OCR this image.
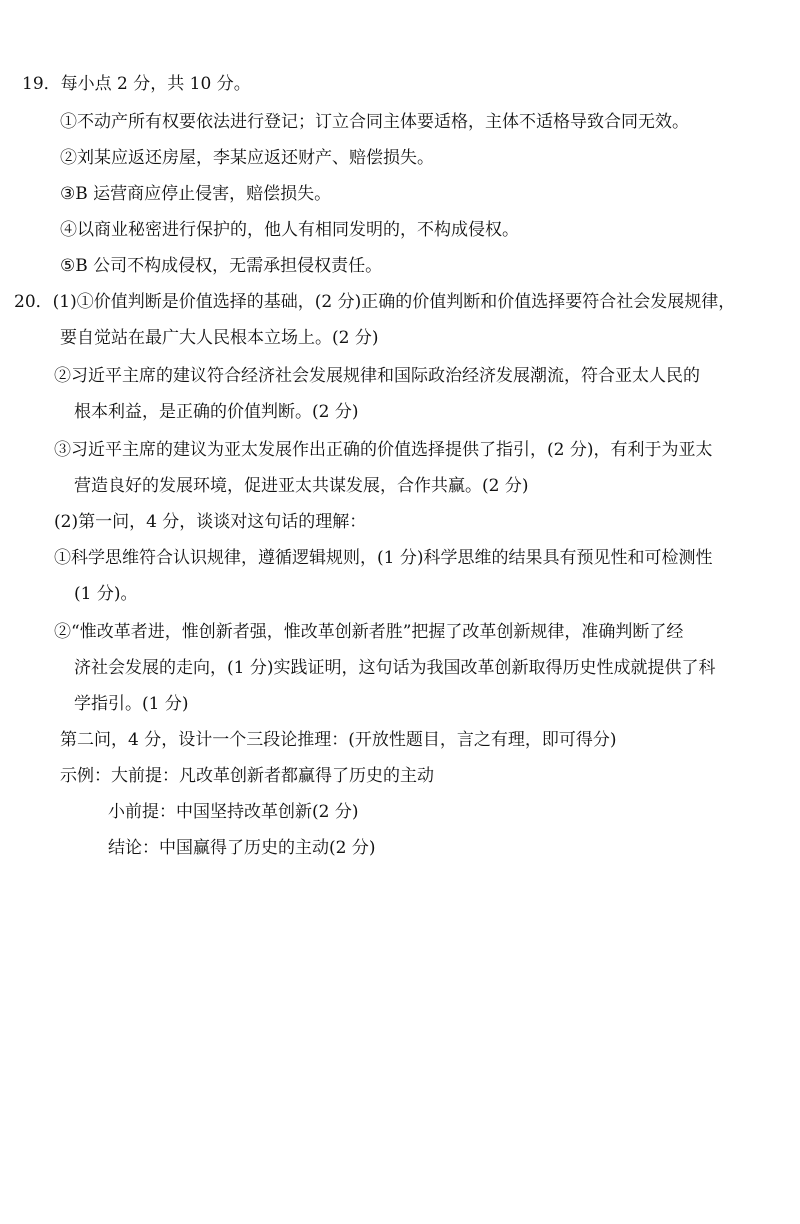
19．每小点 2 分，共 10 分。
①不动产所有权要依法进行登记；订立合同主体要适格，主体不适格导致合同无效。
②刘某应返还房屋，李某应返还财产、赔偿损失。
③B 运营商应停止侵害，赔偿损失。
④以商业秘密进行保护的，他人有相同发明的，不构成侵权。
⑤B 公司不构成侵权，无需承担侵权责任。
20．(1)①价值判断是价值选择的基础，(2 分)正确的价值判断和价值选择要符合社会发展规律，
要自觉站在最广大人民根本立场上。(2 分)
②习近平主席的建议符合经济社会发展规律和国际政治经济发展潮流，符合亚太人民的
根本利益，是正确的价值判断。(2 分)
③习近平主席的建议为亚太发展作出正确的价值选择提供了指引，(2 分)，有利于为亚太
营造良好的发展环境，促进亚太共谋发展，合作共赢。(2 分)
(2)第一问，4 分，谈谈对这句话的理解：
①科学思维符合认识规律，遵循逻辑规则，(1 分)科学思维的结果具有预见性和可检测性
(1 分)。
②“惟改革者进，惟创新者强，惟改革创新者胜”把握了改革创新规律，准确判断了经
济社会发展的走向，(1 分)实践证明，这句话为我国改革创新取得历史性成就提供了科
学指引。(1 分)
第二问，4 分，设计一个三段论推理：(开放性题目，言之有理，即可得分)
示例：大前提：凡改革创新者都赢得了历史的主动
小前提：中国坚持改革创新(2 分)
结论：中国赢得了历史的主动(2 分)
